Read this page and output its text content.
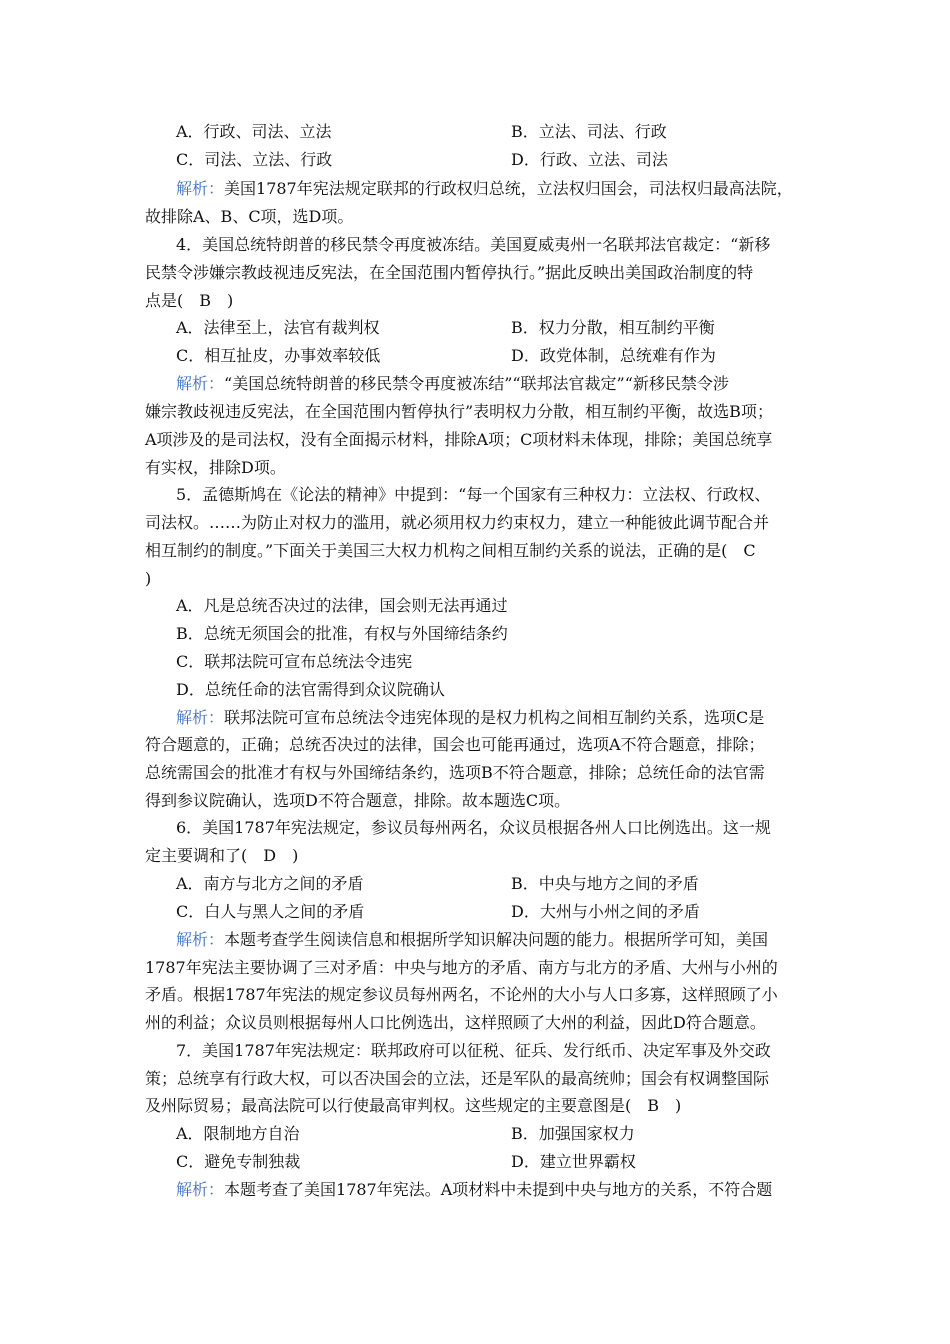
A．行政、司法、立法	B．立法、司法、行政
C．司法、立法、行政	D．行政、立法、司法
解析：美国1787年宪法规定联邦的行政权归总统，立法权归国会，司法权归最高法院，
故排除A、B、C项，选D项。
4．美国总统特朗普的移民禁令再度被冻结。美国夏威夷州一名联邦法官裁定：“新移
民禁令涉嫌宗教歧视违反宪法，在全国范围内暂停执行。”据此反映出美国政治制度的特
点是(　B　)
A．法律至上，法官有裁判权	B．权力分散，相互制约平衡
C．相互扯皮，办事效率较低	D．政党体制，总统难有作为
解析：“美国总统特朗普的移民禁令再度被冻结”“联邦法官裁定”“新移民禁令涉
嫌宗教歧视违反宪法，在全国范围内暂停执行”表明权力分散，相互制约平衡，故选B项；
A项涉及的是司法权，没有全面揭示材料，排除A项；C项材料未体现，排除；美国总统享
有实权，排除D项。
5．孟德斯鸠在《论法的精神》中提到：“每一个国家有三种权力：立法权、行政权、
司法权。……为防止对权力的滥用，就必须用权力约束权力，建立一种能彼此调节配合并
相互制约的制度。”下面关于美国三大权力机构之间相互制约关系的说法，正确的是(　C
)
A．凡是总统否决过的法律，国会则无法再通过
B．总统无须国会的批准，有权与外国缔结条约
C．联邦法院可宣布总统法令违宪
D．总统任命的法官需得到众议院确认
解析：联邦法院可宣布总统法令违宪体现的是权力机构之间相互制约关系，选项C是
符合题意的，正确；总统否决过的法律，国会也可能再通过，选项A不符合题意，排除；
总统需国会的批准才有权与外国缔结条约，选项B不符合题意，排除；总统任命的法官需
得到参议院确认，选项D不符合题意，排除。故本题选C项。
6．美国1787年宪法规定，参议员每州两名，众议员根据各州人口比例选出。这一规
定主要调和了(　D　)
A．南方与北方之间的矛盾	B．中央与地方之间的矛盾
C．白人与黑人之间的矛盾	D．大州与小州之间的矛盾
解析：本题考查学生阅读信息和根据所学知识解决问题的能力。根据所学可知，美国
1787年宪法主要协调了三对矛盾：中央与地方的矛盾、南方与北方的矛盾、大州与小州的
矛盾。根据1787年宪法的规定参议员每州两名，不论州的大小与人口多寡，这样照顾了小
州的利益；众议员则根据每州人口比例选出，这样照顾了大州的利益，因此D符合题意。
7．美国1787年宪法规定：联邦政府可以征税、征兵、发行纸币、决定军事及外交政
策；总统享有行政大权，可以否决国会的立法，还是军队的最高统帅；国会有权调整国际
及州际贸易；最高法院可以行使最高审判权。这些规定的主要意图是(　B　)
A．限制地方自治	B．加强国家权力
C．避免专制独裁	D．建立世界霸权
解析：本题考查了美国1787年宪法。A项材料中未提到中央与地方的关系，不符合题
